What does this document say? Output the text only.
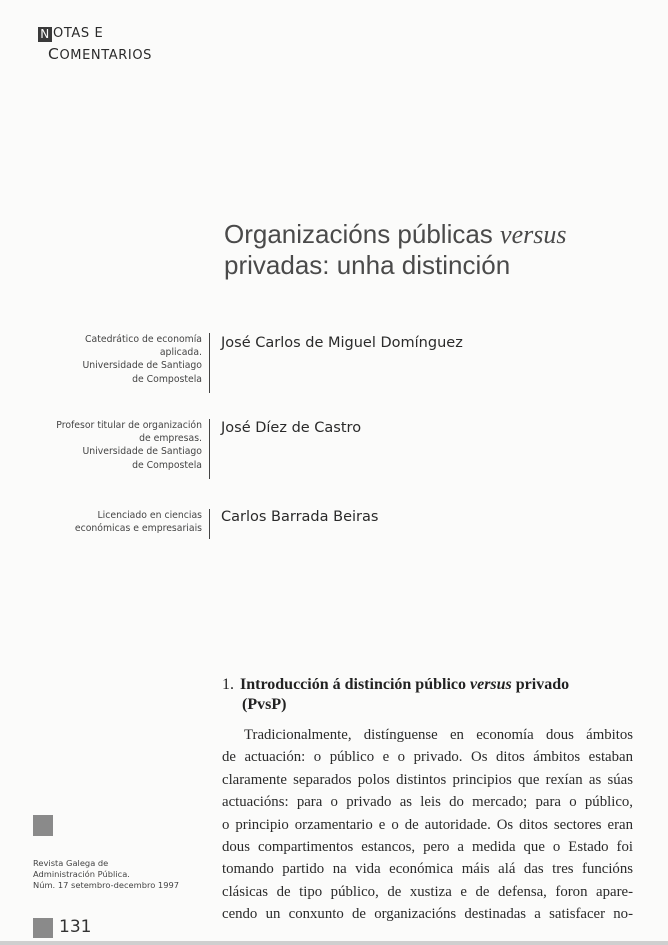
N OTAS E
COMENTARIOS
Organizacións públicas versus
privadas: unha distinción
Catedrático de economía
aplicada.
Universidade de Santiago
de Compostela
José Carlos de Miguel Domínguez
Profesor titular de organización
de empresas.
Universidade de Santiago
de Compostela
José Díez de Castro
Licenciado en ciencias
económicas e empresariais
Carlos Barrada Beiras
1. Introducción á distinción público versus privado
(PvsP)
Tradicionalmente, distínguense en economía dous ámbitos
de actuación: o público e o privado. Os ditos ámbitos estaban
claramente separados polos distintos principios que rexían as súas
actuacións: para o privado as leis do mercado; para o público,
o principio orzamentario e o de autoridade. Os ditos sectores eran
dous compartimentos estancos, pero a medida que o Estado foi
tomando partido na vida económica máis alá das tres funcións
clásicas de tipo público, de xustiza e de defensa, foron apare-
cendo un conxunto de organizacións destinadas a satisfacer no-
Revista Galega de
Administración Pública.
Núm. 17 setembro-decembro 1997
131
